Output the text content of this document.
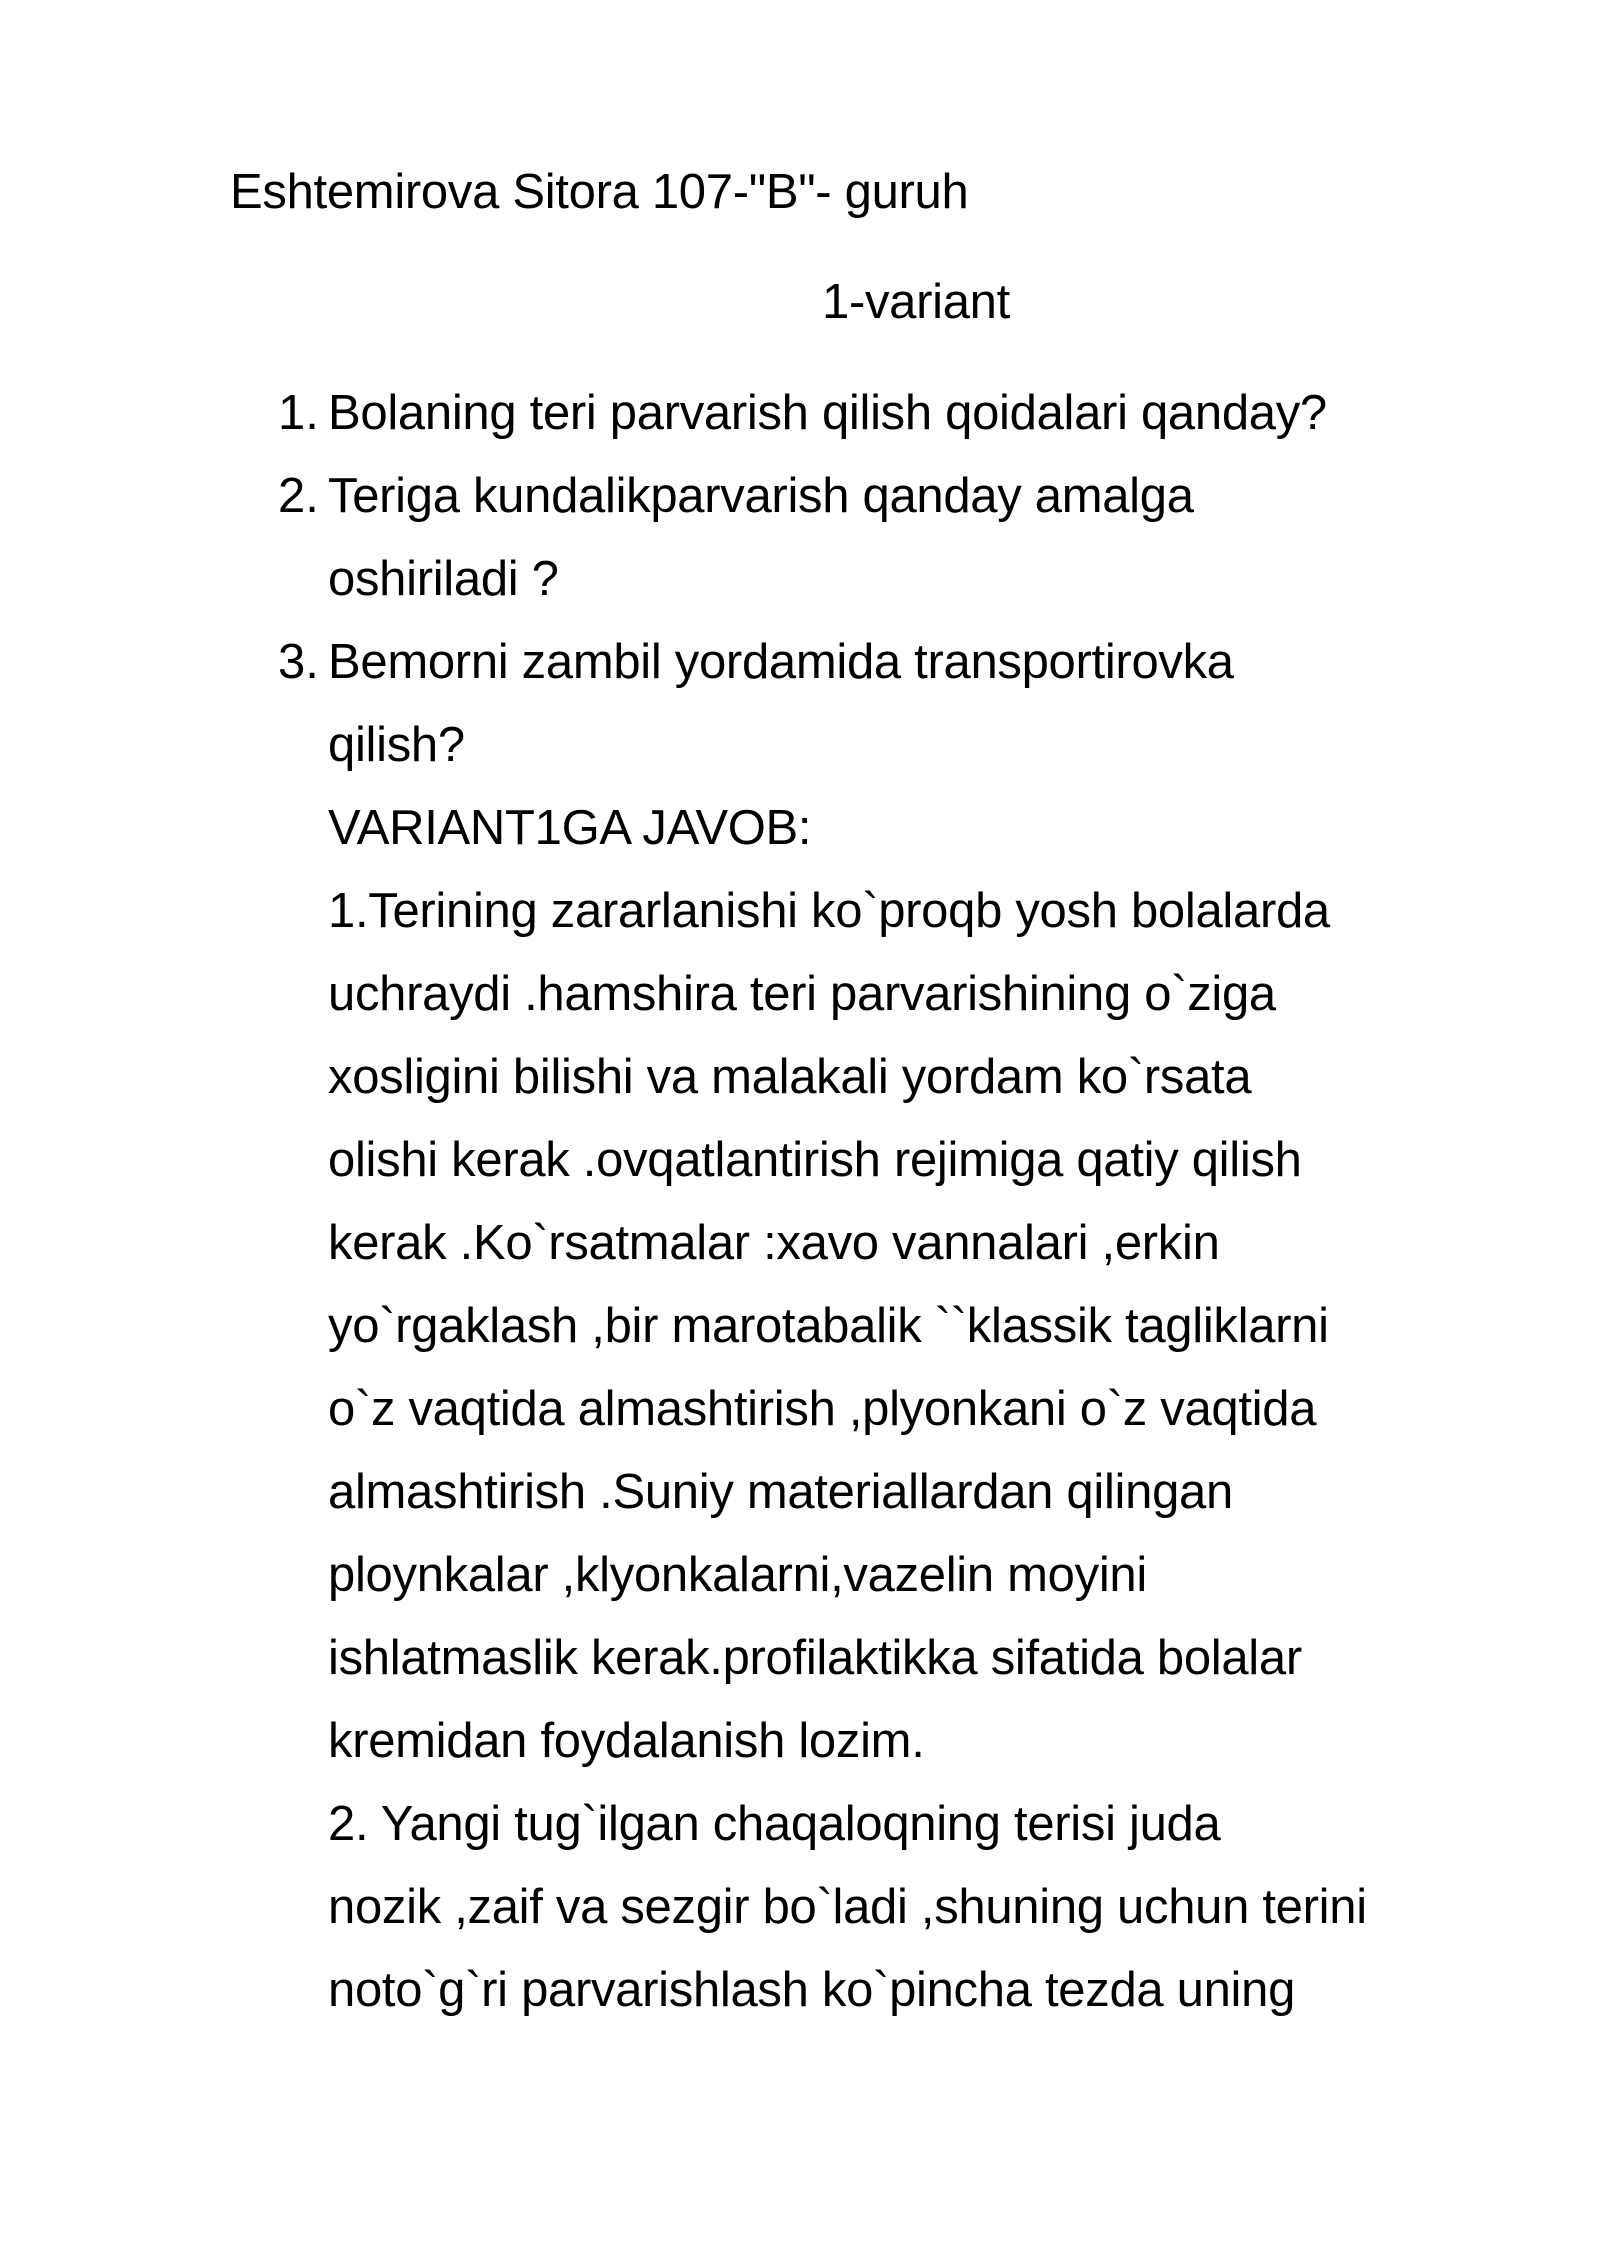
Eshtemirova Sitora 107-"B"- guruh
1-variant
1. Bolaning teri parvarish qilish qoidalari qanday?
2. Teriga kundalikparvarish qanday amalga
oshiriladi ?
3. Bemorni zambil yordamida transportirovka
qilish?
VARIANT1GA JAVOB:
1.Terining zararlanishi ko`proqb yosh bolalarda
uchraydi .hamshira teri parvarishining o`ziga
xosligini bilishi va malakali yordam ko`rsata
olishi kerak .ovqatlantirish rejimiga qatiy qilish
kerak .Ko`rsatmalar :xavo vannalari ,erkin
yo`rgaklash ,bir marotabalik ``klassik tagliklarni
o`z vaqtida almashtirish ,plyonkani o`z vaqtida
almashtirish .Suniy materiallardan qilingan
ploynkalar ,klyonkalarni,vazelin moyini
ishlatmaslik kerak.profilaktikka sifatida bolalar
kremidan foydalanish lozim.
2. Yangi tug`ilgan chaqaloqning terisi juda
nozik ,zaif va sezgir bo`ladi ,shuning uchun terini
noto`g`ri parvarishlash ko`pincha tezda uning
